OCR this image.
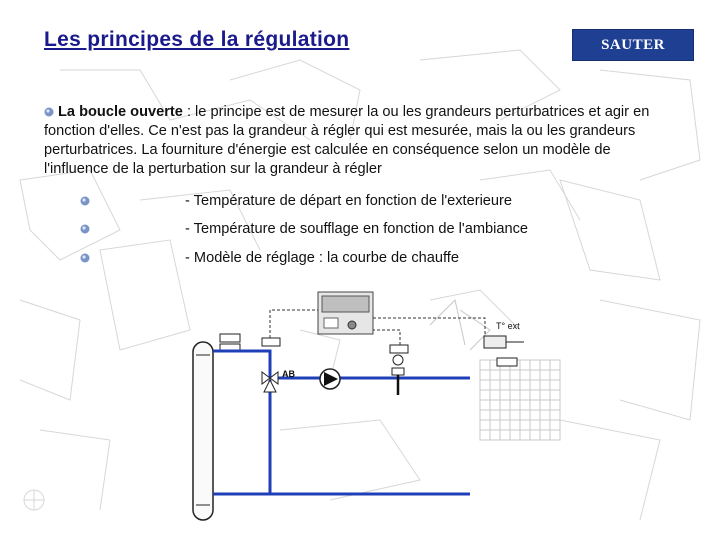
Les principes de la régulation	SAUTER
La boucle ouverte : le principe est de mesurer la ou les grandeurs perturbatrices et agir en fonction d'elles. Ce n'est pas la grandeur à régler qui est mesurée, mais la ou les grandeurs perturbatrices. La fourniture d'énergie est calculée en conséquence selon un modèle de l'influence de la perturbation sur la grandeur à régler
- Température de départ en fonction de l'exterieure
- Température de soufflage en fonction de l'ambiance
- Modèle de réglage : la courbe de chauffe
AB
T° ext
